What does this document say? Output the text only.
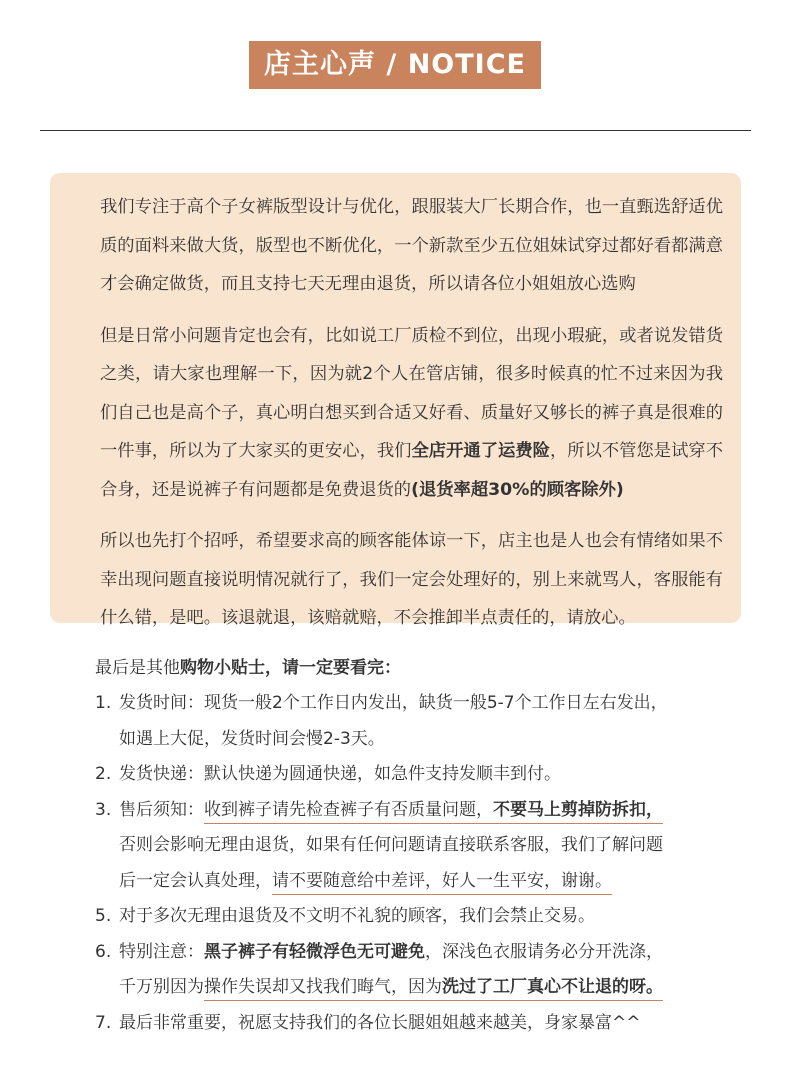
店主心声 / NOTICE

我们专注于高个子女裤版型设计与优化，跟服装大厂长期合作，也一直甄选舒适优质的面料来做大货，版型也不断优化，一个新款至少五位姐妹试穿过都好看都满意才会确定做货，而且支持七天无理由退货，所以请各位小姐姐放心选购

但是日常小问题肯定也会有，比如说工厂质检不到位，出现小瑕疵，或者说发错货之类，请大家也理解一下，因为就2个人在管店铺，很多时候真的忙不过来因为我们自己也是高个子，真心明白想买到合适又好看、质量好又够长的裤子真是很难的一件事，所以为了大家买的更安心，我们全店开通了运费险，所以不管您是试穿不合身，还是说裤子有问题都是免费退货的(退货率超30%的顾客除外)

所以也先打个招呼，希望要求高的顾客能体谅一下，店主也是人也会有情绪如果不幸出现问题直接说明情况就行了，我们一定会处理好的，别上来就骂人，客服能有什么错，是吧。该退就退，该赔就赔，不会推卸半点责任的，请放心。

最后是其他购物小贴士，请一定要看完：

1. 发货时间：现货一般2个工作日内发出，缺货一般5-7个工作日左右发出，
如遇上大促，发货时间会慢2-3天。
2. 发货快递：默认快递为圆通快递，如急件支持发顺丰到付。
3. 售后须知：收到裤子请先检查裤子有否质量问题，不要马上剪掉防拆扣，
否则会影响无理由退货，如果有任何问题请直接联系客服，我们了解问题
后一定会认真处理，请不要随意给中差评，好人一生平安，谢谢。
5. 对于多次无理由退货及不文明不礼貌的顾客，我们会禁止交易。
6. 特别注意：黑子裤子有轻微浮色无可避免，深浅色衣服请务必分开洗涤，
千万别因为操作失误却又找我们晦气，因为洗过了工厂真心不让退的呀。
7. 最后非常重要，祝愿支持我们的各位长腿姐姐越来越美，身家暴富^^
